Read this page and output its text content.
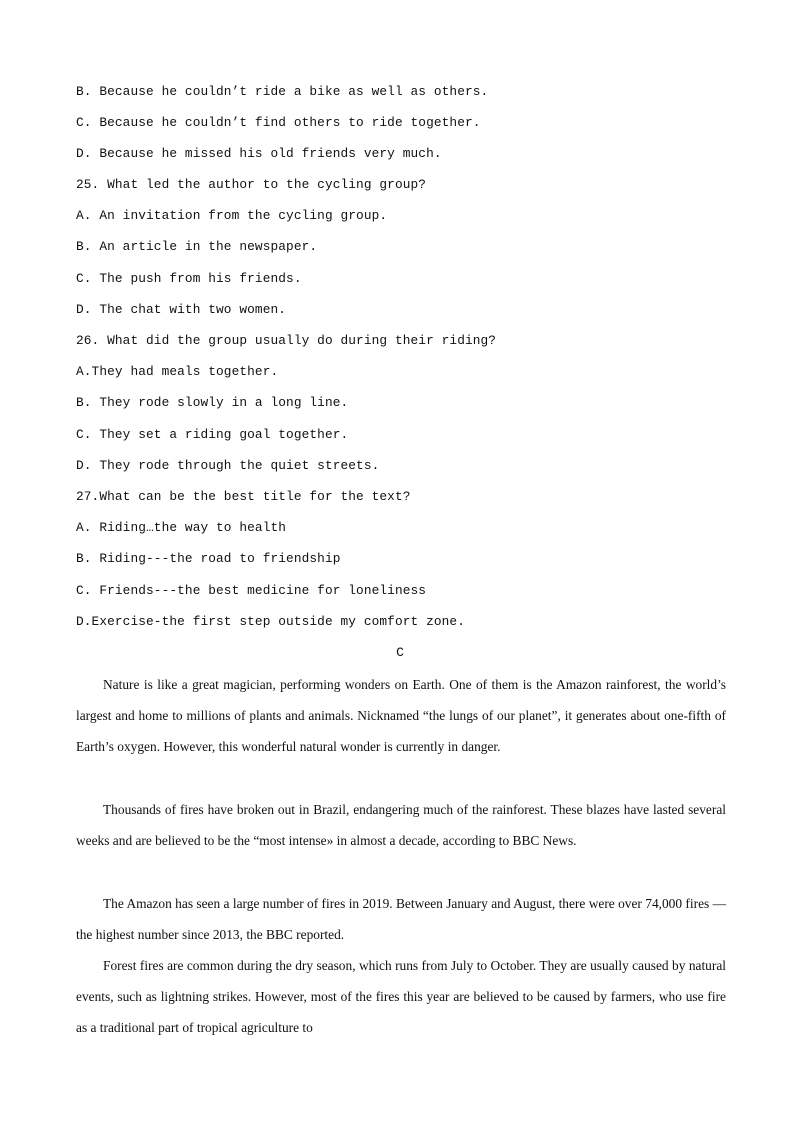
B. Because he couldn’t ride a bike as well as others.

C. Because he couldn’t find others to ride together.

D. Because he missed his old friends very much.

25. What led the author to the cycling group?

A. An invitation from the cycling group.

B. An article in the newspaper.

C. The push from his friends.

D. The chat with two women.

26. What did the group usually do during their riding?

A.They had meals together.

B. They rode slowly in a long line.

C. They set a riding goal together.

D. They rode through the quiet streets.

27.What can be the best title for the text?

A. Riding…the way to health

B. Riding---the road to friendship

C. Friends---the best medicine for loneliness

D.Exercise-the first step outside my comfort zone.

C

Nature is like a great magician, performing wonders on Earth. One of them is the Amazon rainforest, the world’s largest and home to millions of plants and animals. Nicknamed “the lungs of our planet”, it generates about one-fifth of Earth’s oxygen. However, this wonderful natural wonder is currently in danger.

Thousands of fires have broken out in Brazil, endangering much of the rainforest. These blazes have lasted several weeks and are believed to be the “most intense» in almost a decade, according to BBC News.

The Amazon has seen a large number of fires in 2019. Between January and August, there were over 74,000 fires — the highest number since 2013, the BBC reported.

Forest fires are common during the dry season, which runs from July to October. They are usually caused by natural events, such as lightning strikes. However, most of the fires this year are believed to be caused by farmers, who use fire as a traditional part of tropical agriculture to
